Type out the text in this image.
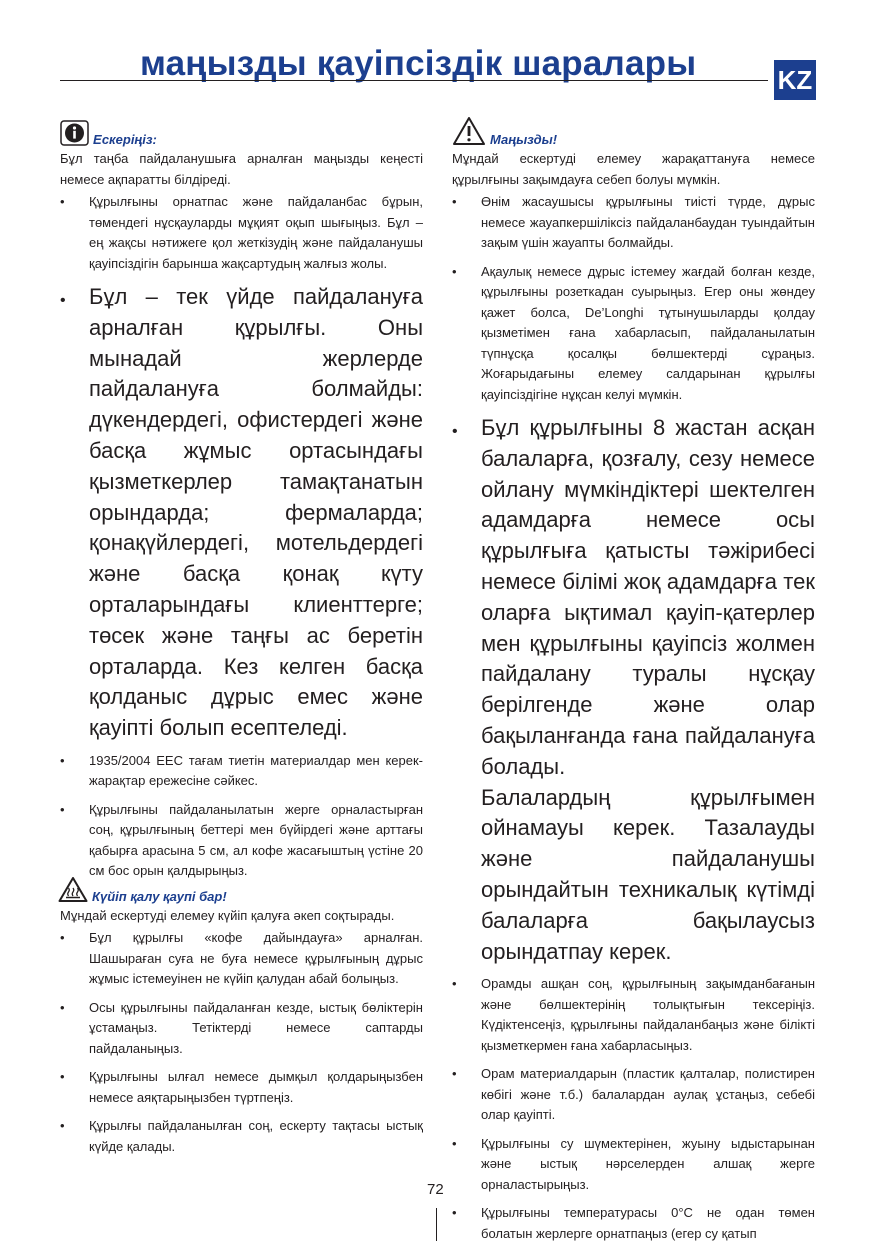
маңызды қауіпсіздік шаралары	KZ
Ескеріңіз:

Бұл таңба пайдаланушыға арналған маңызды кеңесті немесе ақпаратты білдіреді.

• Құрылғыны орнатпас және пайдаланбас бұрын, төмендегі нұсқауларды мұқият оқып шығыңыз. Бұл – ең жақсы нәтижеге қол жеткізудің және пайдаланушы қауіпсіздігін барынша жақсартудың жалғыз жолы.
• Бұл – тек үйде пайдалануға арналған құрылғы. Оны мынадай жерлерде пайдалануға болмайды: дүкендердегі, офистердегі және басқа жұмыс ортасындағы қызметкерлер тамақтанатын орындарда; фермаларда; қонақүйлердегі, мотельдердегі және басқа қонақ күту орталарындағы клиенттерге; төсек және таңғы ас беретін орталарда. Кез келген басқа қолданыс дұрыс емес және қауіпті болып есептеледі.
• 1935/2004 EEC тағам тиетін материалдар мен керек-жарақтар ережесіне сәйкес.
• Құрылғыны пайдаланылатын жерге орналастырған соң, құрылғының беттері мен бүйірдегі және арттағы қабырға арасына 5 см, ал кофе жасағыштың үстіне 20 см бос орын қалдырыңыз.
Күйіп қалу қаупі бар!

Мұндай ескертуді елемеу күйіп қалуға әкеп соқтырады.

• Бұл құрылғы «кофе дайындауға» арналған. Шашыраған суға не буға немесе құрылғының дұрыс жұмыс істемеуінен не күйіп қалудан абай болыңыз.
• Осы құрылғыны пайдаланған кезде, ыстық бөліктерін ұстамаңыз. Тетіктерді немесе саптарды пайдаланыңыз.
• Құрылғыны ылғал немесе дымқыл қолдарыңызбен немесе аяқтарыңызбен түртпеңіз.
• Құрылғы пайдаланылған соң, ескерту тақтасы ыстық күйде қалады.
Маңызды!

Мұндай ескертуді елемеу жарақаттануға немесе құрылғыны зақымдауға себеп болуы мүмкін.

• Өнім жасаушысы құрылғыны тиісті түрде, дұрыс немесе жауапкершіліксіз пайдаланбаудан туындайтын зақым үшін жауапты болмайды.
• Ақаулық немесе дұрыс істемеу жағдай болған кезде, құрылғыны розеткадан суырыңыз. Егер оны жөндеу қажет болса, De’Longhi тұтынушыларды қолдау қызметімен ғана хабарласып, пайдаланылатын түпнұсқа қосалқы бөлшектерді сұраңыз. Жоғарыдағыны елемеу салдарынан құрылғы қауіпсіздігіне нұқсан келуі мүмкін.
• Бұл құрылғыны 8 жастан асқан балаларға, қозғалу, сезу немесе ойлану мүмкіндіктері шектелген адамдарға немесе осы құрылғыға қатысты тәжірибесі немесе білімі жоқ адамдарға тек оларға ықтимал қауіп-қатерлер мен құрылғыны қауіпсіз жолмен пайдалану туралы нұсқау берілгенде және олар бақыланғанда ғана пайдалануға болады.
Балалардың құрылғымен ойнамауы керек. Тазалауды және пайдаланушы орындайтын техникалық күтімді балаларға бақылаусыз орындатпау керек.
• Орамды ашқан соң, құрылғының зақымданбағанын және бөлшектерінің толықтығын тексеріңіз. Күдіктенсеңіз, құрылғыны пайдаланбаңыз және білікті қызметкермен ғана хабарласыңыз.
• Орам материалдарын (пластик қалталар, полистирен көбігі және т.б.) балалардан аулақ ұстаңыз, себебі олар қауіпті.
• Құрылғыны су шүмектерінен, жуыну ыдыстарынан және ыстық нәрселерден алшақ жерге орналастырыңыз.
• Құрылғыны температурасы 0°C не одан төмен болатын жерлерге орнатпаңыз (егер су қатып
72
